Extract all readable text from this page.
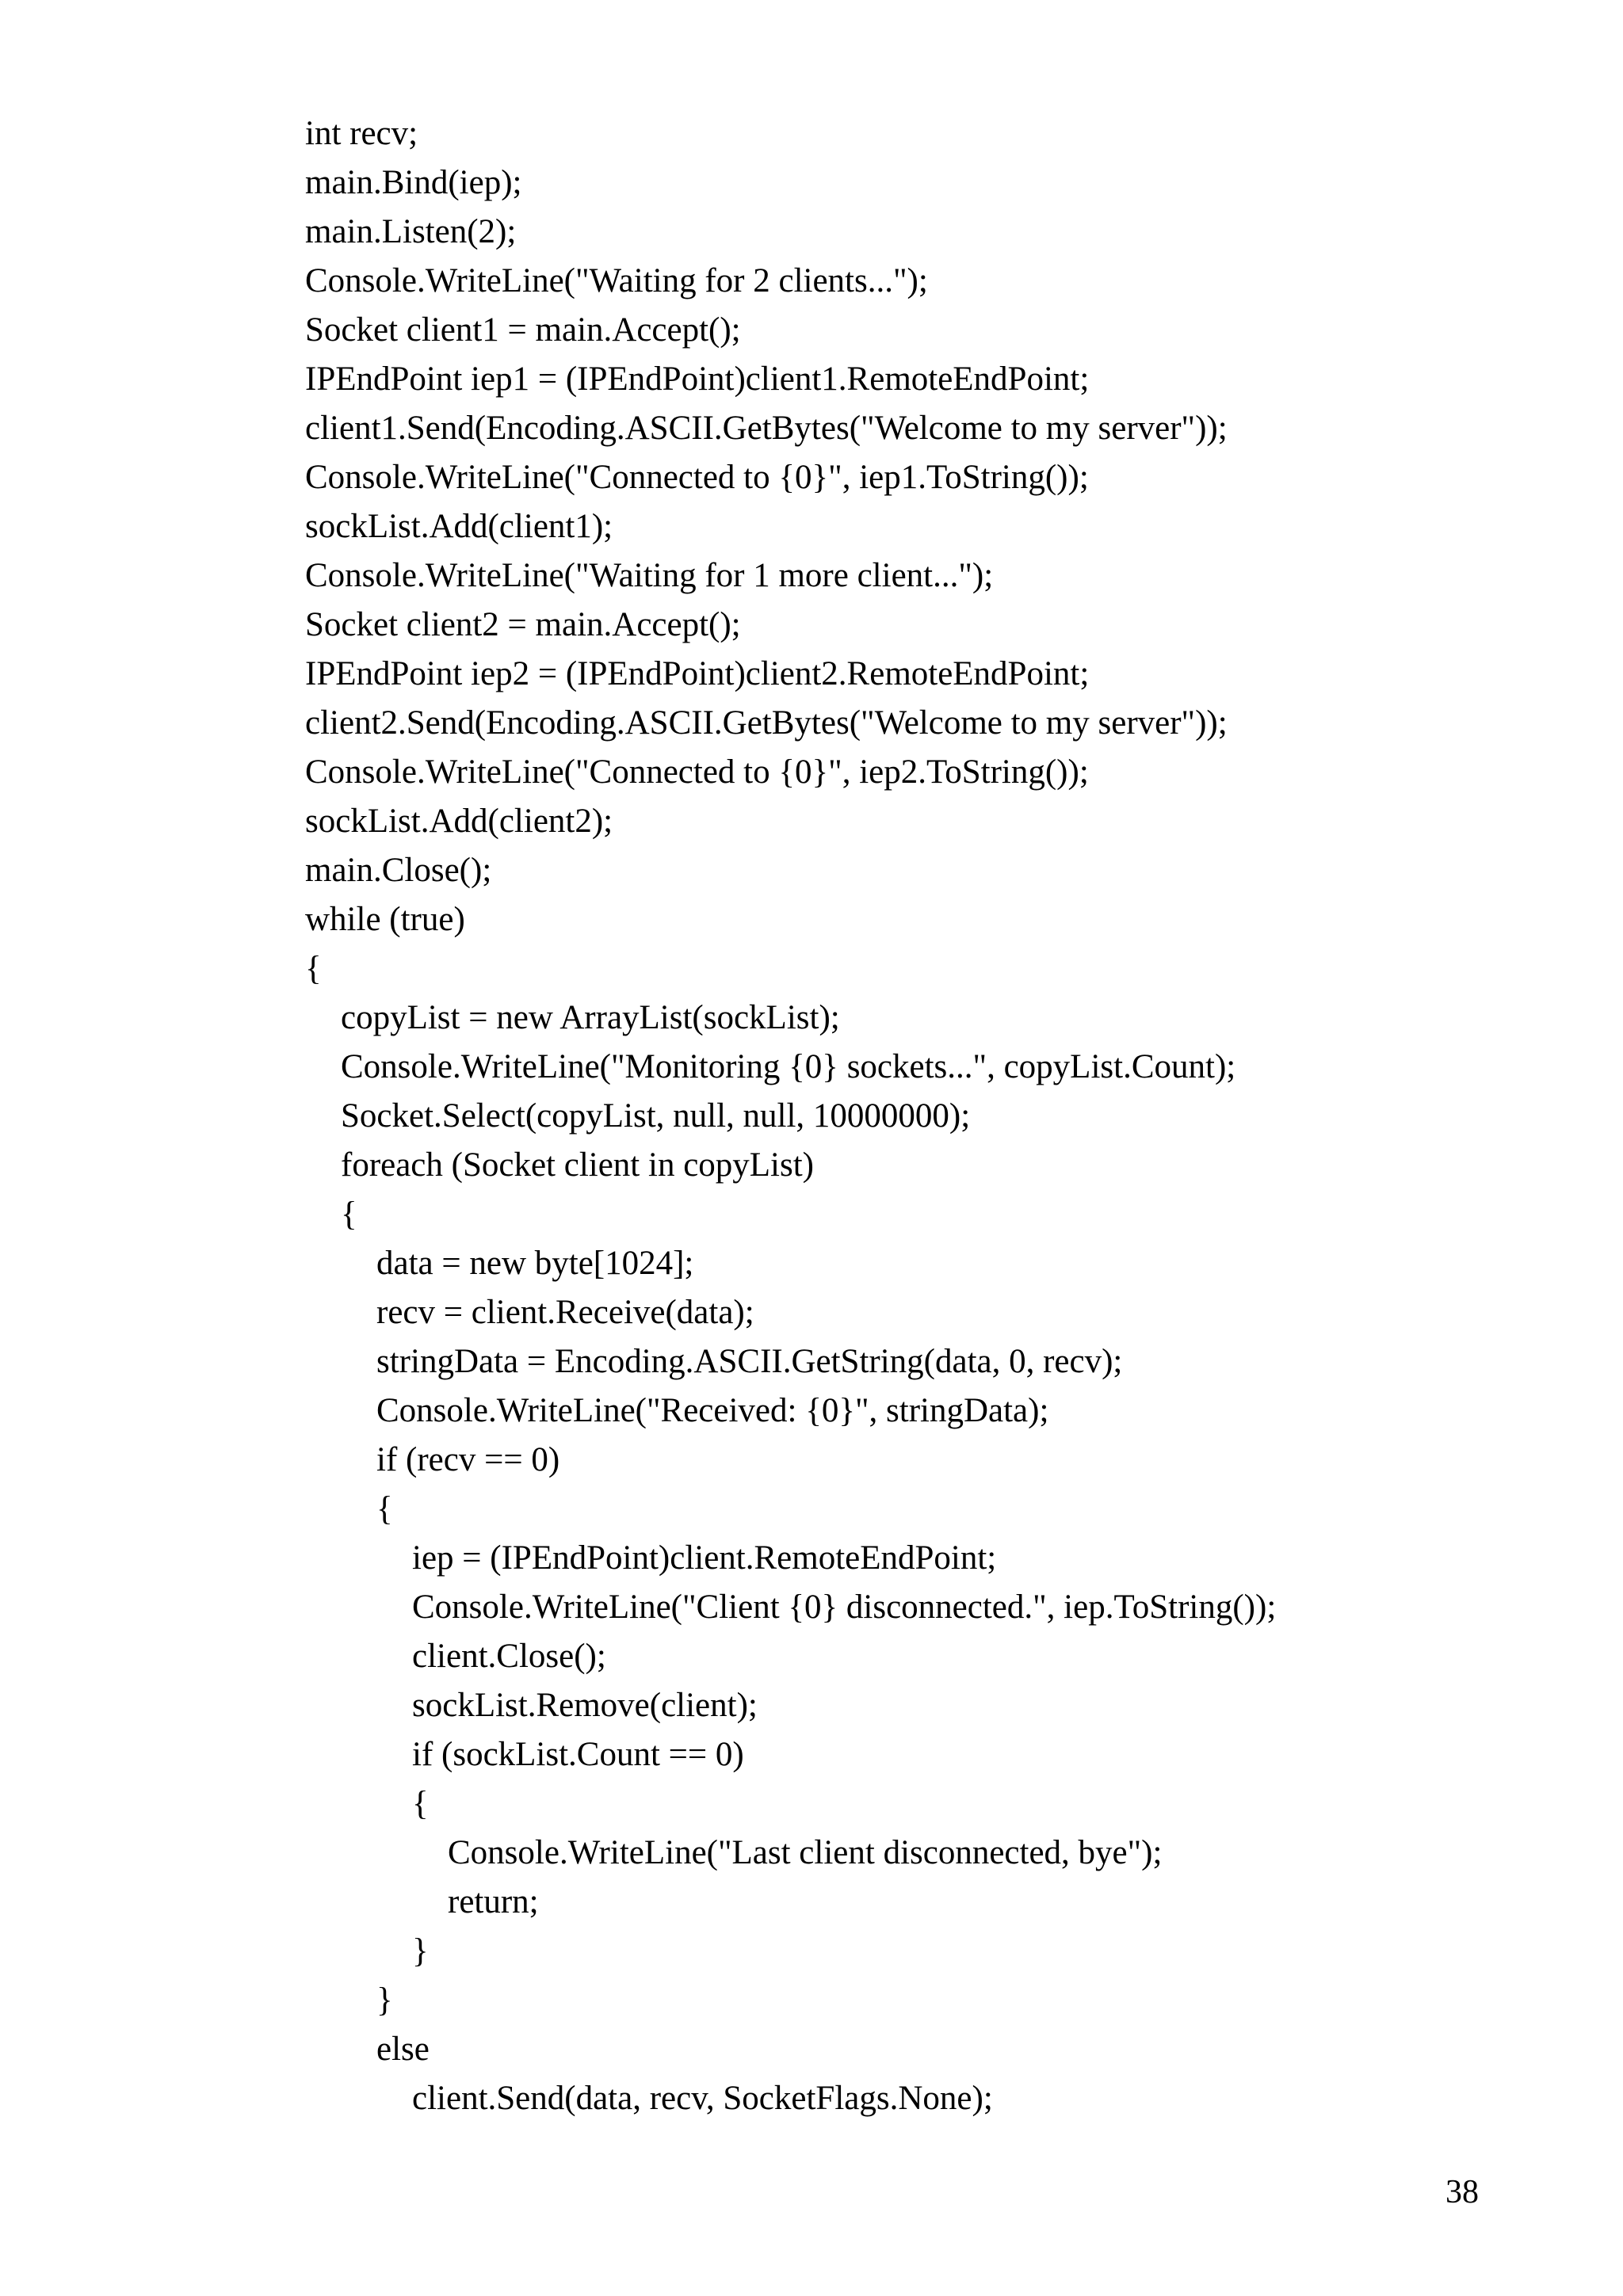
int recv;
main.Bind(iep);
main.Listen(2);
Console.WriteLine("Waiting for 2 clients...");
Socket client1 = main.Accept();
IPEndPoint iep1 = (IPEndPoint)client1.RemoteEndPoint;
client1.Send(Encoding.ASCII.GetBytes("Welcome to my server"));
Console.WriteLine("Connected to {0}", iep1.ToString());
sockList.Add(client1);
Console.WriteLine("Waiting for 1 more client...");
Socket client2 = main.Accept();
IPEndPoint iep2 = (IPEndPoint)client2.RemoteEndPoint;
client2.Send(Encoding.ASCII.GetBytes("Welcome to my server"));
Console.WriteLine("Connected to {0}", iep2.ToString());
sockList.Add(client2);
main.Close();
while (true)
{
copyList = new ArrayList(sockList);
Console.WriteLine("Monitoring {0} sockets...", copyList.Count);
Socket.Select(copyList, null, null, 10000000);
foreach (Socket client in copyList)
{
data = new byte[1024];
recv = client.Receive(data);
stringData = Encoding.ASCII.GetString(data, 0, recv);
Console.WriteLine("Received: {0}", stringData);
if (recv == 0)
{
iep = (IPEndPoint)client.RemoteEndPoint;
Console.WriteLine("Client {0} disconnected.", iep.ToString());
client.Close();
sockList.Remove(client);
if (sockList.Count == 0)
{
Console.WriteLine("Last client disconnected, bye");
return;
}
}
else
client.Send(data, recv, SocketFlags.None);
38
